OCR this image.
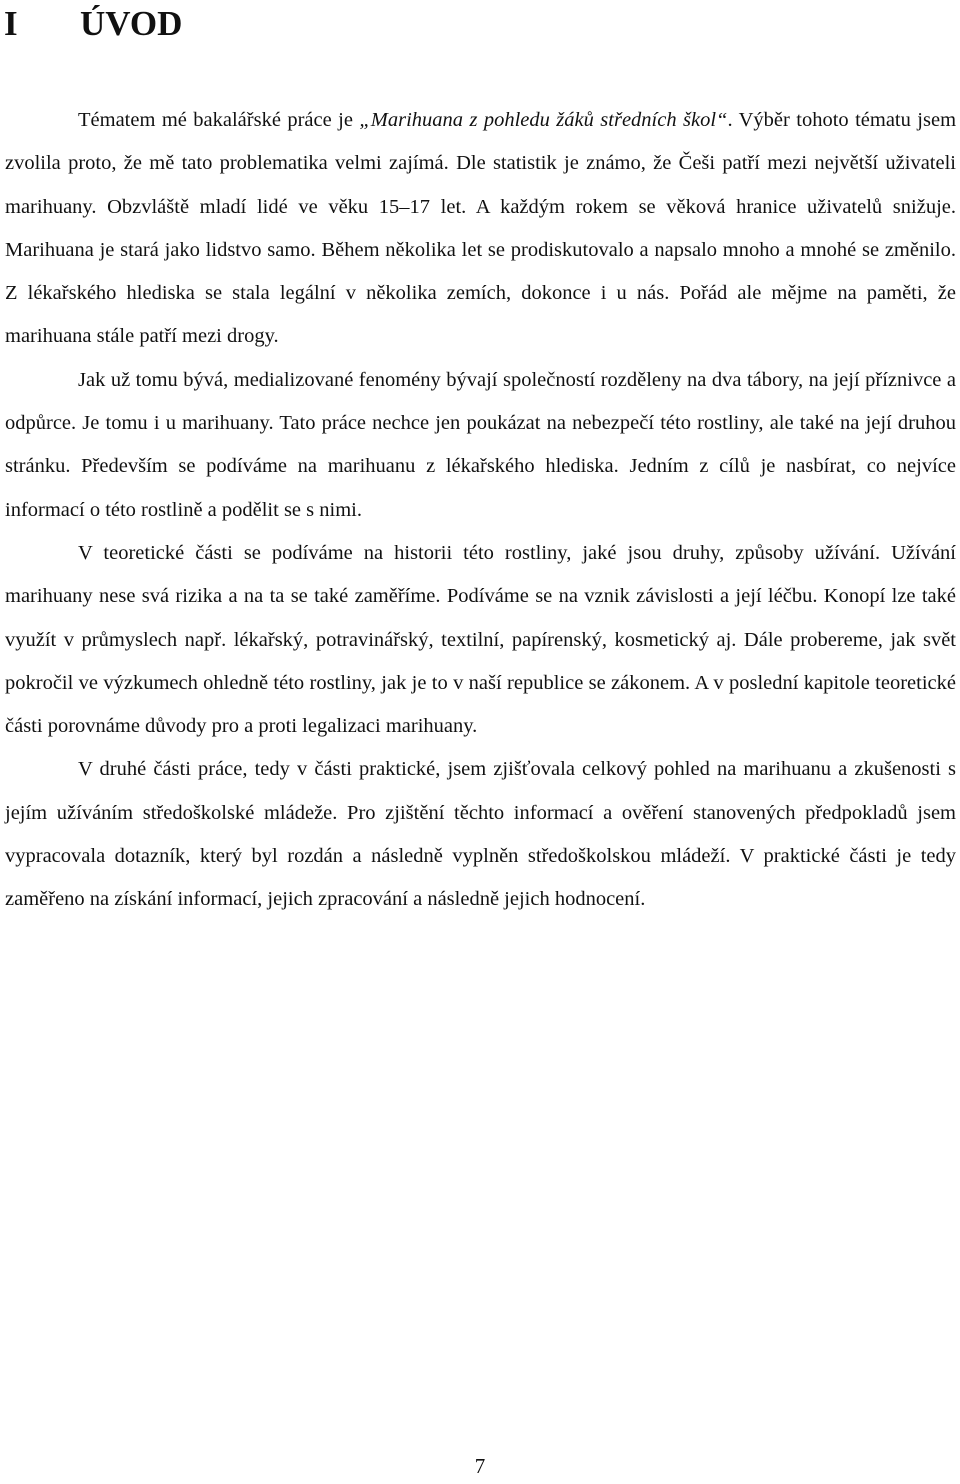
I ÚVOD

Tématem mé bakalářské práce je „Marihuana z pohledu žáků středních škol“. Výběr tohoto tématu jsem zvolila proto, že mě tato problematika velmi zajímá. Dle statistik je známo, že Češi patří mezi největší uživateli marihuany. Obzvláště mladí lidé ve věku 15–17 let. A každým rokem se věková hranice uživatelů snižuje. Marihuana je stará jako lidstvo samo. Během několika let se prodiskutovalo a napsalo mnoho a mnohé se změnilo. Z lékařského hlediska se stala legální v několika zemích, dokonce i u nás. Pořád ale mějme na paměti, že marihuana stále patří mezi drogy.

Jak už tomu bývá, medializované fenomény bývají společností rozděleny na dva tábory, na její příznivce a odpůrce. Je tomu i u marihuany. Tato práce nechce jen poukázat na nebezpečí této rostliny, ale také na její druhou stránku. Především se podíváme na marihuanu z lékařského hlediska. Jedním z cílů je nasbírat, co nejvíce informací o této rostlině a podělit se s nimi.

V teoretické části se podíváme na historii této rostliny, jaké jsou druhy, způsoby užívání. Užívání marihuany nese svá rizika a na ta se také zaměříme. Podíváme se na vznik závislosti a její léčbu. Konopí lze také využít v průmyslech např. lékařský, potravinářský, textilní, papírenský, kosmetický aj. Dále probereme, jak svět pokročil ve výzkumech ohledně této rostliny, jak je to v naší republice se zákonem. A v poslední kapitole teoretické části porovnáme důvody pro a proti legalizaci marihuany.

V druhé části práce, tedy v části praktické, jsem zjišťovala celkový pohled na marihuanu a zkušenosti s jejím užíváním středoškolské mládeže. Pro zjištění těchto informací a ověření stanovených předpokladů jsem vypracovala dotazník, který byl rozdán a následně vyplněn středoškolskou mládeží. V praktické části je tedy zaměřeno na získání informací, jejich zpracování a následně jejich hodnocení.

7
